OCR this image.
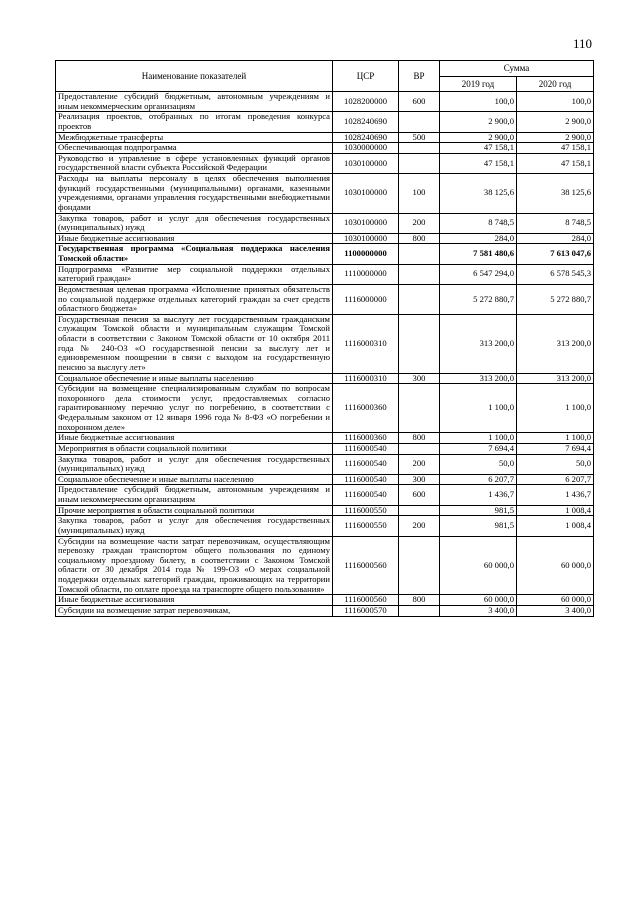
110
Наименование показателей	ЦСР	ВР	Сумма	
			2019 год	2020 год
Предоставление субсидий бюджетным, автономным учреждениям и иным некоммерческим организациям	1028200000	600	100,0	100,0
Реализация проектов, отобранных по итогам проведения конкурса проектов	1028240690		2 900,0	2 900,0
Межбюджетные трансферты	1028240690	500	2 900,0	2 900,0
Обеспечивающая подпрограмма	1030000000		47 158,1	47 158,1
Руководство и управление в сфере установленных функций органов государственной власти субъекта Российской Федерации	1030100000		47 158,1	47 158,1
Расходы на выплаты персоналу в целях обеспечения выполнения функций государственными (муниципальными) органами, казенными учреждениями, органами управления государственными внебюджетными фондами	1030100000	100	38 125,6	38 125,6
Закупка товаров, работ и услуг для обеспечения государственных (муниципальных) нужд	1030100000	200	8 748,5	8 748,5
Иные бюджетные ассигнования	1030100000	800	284,0	284,0
Государственная программа «Социальная поддержка населения Томской области»	1100000000		7 581 480,6	7 613 047,6
Подпрограмма «Развитие мер социальной поддержки отдельных категорий граждан»	1110000000		6 547 294,0	6 578 545,3
Ведомственная целевая программа «Исполнение принятых обязательств по социальной поддержке отдельных категорий граждан за счет средств областного бюджета»	1116000000		5 272 880,7	5 272 880,7
Государственная пенсия за выслугу лет государственным гражданским служащим Томской области и муниципальным служащим Томской области в соответствии с Законом Томской области от 10 октября 2011 года № 240-ОЗ «О государственной пенсии за выслугу лет и единовременном поощрении в связи с выходом на государственную пенсию за выслугу лет»	1116000310		313 200,0	313 200,0
Социальное обеспечение и иные выплаты населению	1116000310	300	313 200,0	313 200,0
Субсидии на возмещение специализированным службам по вопросам похоронного дела стоимости услуг, предоставляемых согласно гарантированному перечню услуг по погребению, в соответствии с Федеральным законом от 12 января 1996 года № 8-ФЗ «О погребении и похоронном деле»	1116000360		1 100,0	1 100,0
Иные бюджетные ассигнования	1116000360	800	1 100,0	1 100,0
Мероприятия в области социальной политики	1116000540		7 694,4	7 694,4
Закупка товаров, работ и услуг для обеспечения государственных (муниципальных) нужд	1116000540	200	50,0	50,0
Социальное обеспечение и иные выплаты населению	1116000540	300	6 207,7	6 207,7
Предоставление субсидий бюджетным, автономным учреждениям и иным некоммерческим организациям	1116000540	600	1 436,7	1 436,7
Прочие мероприятия в области социальной политики	1116000550		981,5	1 008,4
Закупка товаров, работ и услуг для обеспечения государственных (муниципальных) нужд	1116000550	200	981,5	1 008,4
Субсидии на возмещение части затрат перевозчикам, осуществляющим перевозку граждан транспортом общего пользования по единому социальному проездному билету, в соответствии с Законом Томской области от 30 декабря 2014 года № 199-ОЗ «О мерах социальной поддержки отдельных категорий граждан, проживающих на территории Томской области, по оплате проезда на транспорте общего пользования»	1116000560		60 000,0	60 000,0
Иные бюджетные ассигнования	1116000560	800	60 000,0	60 000,0
Субсидии на возмещение затрат перевозчикам,	1116000570		3 400,0	3 400,0
